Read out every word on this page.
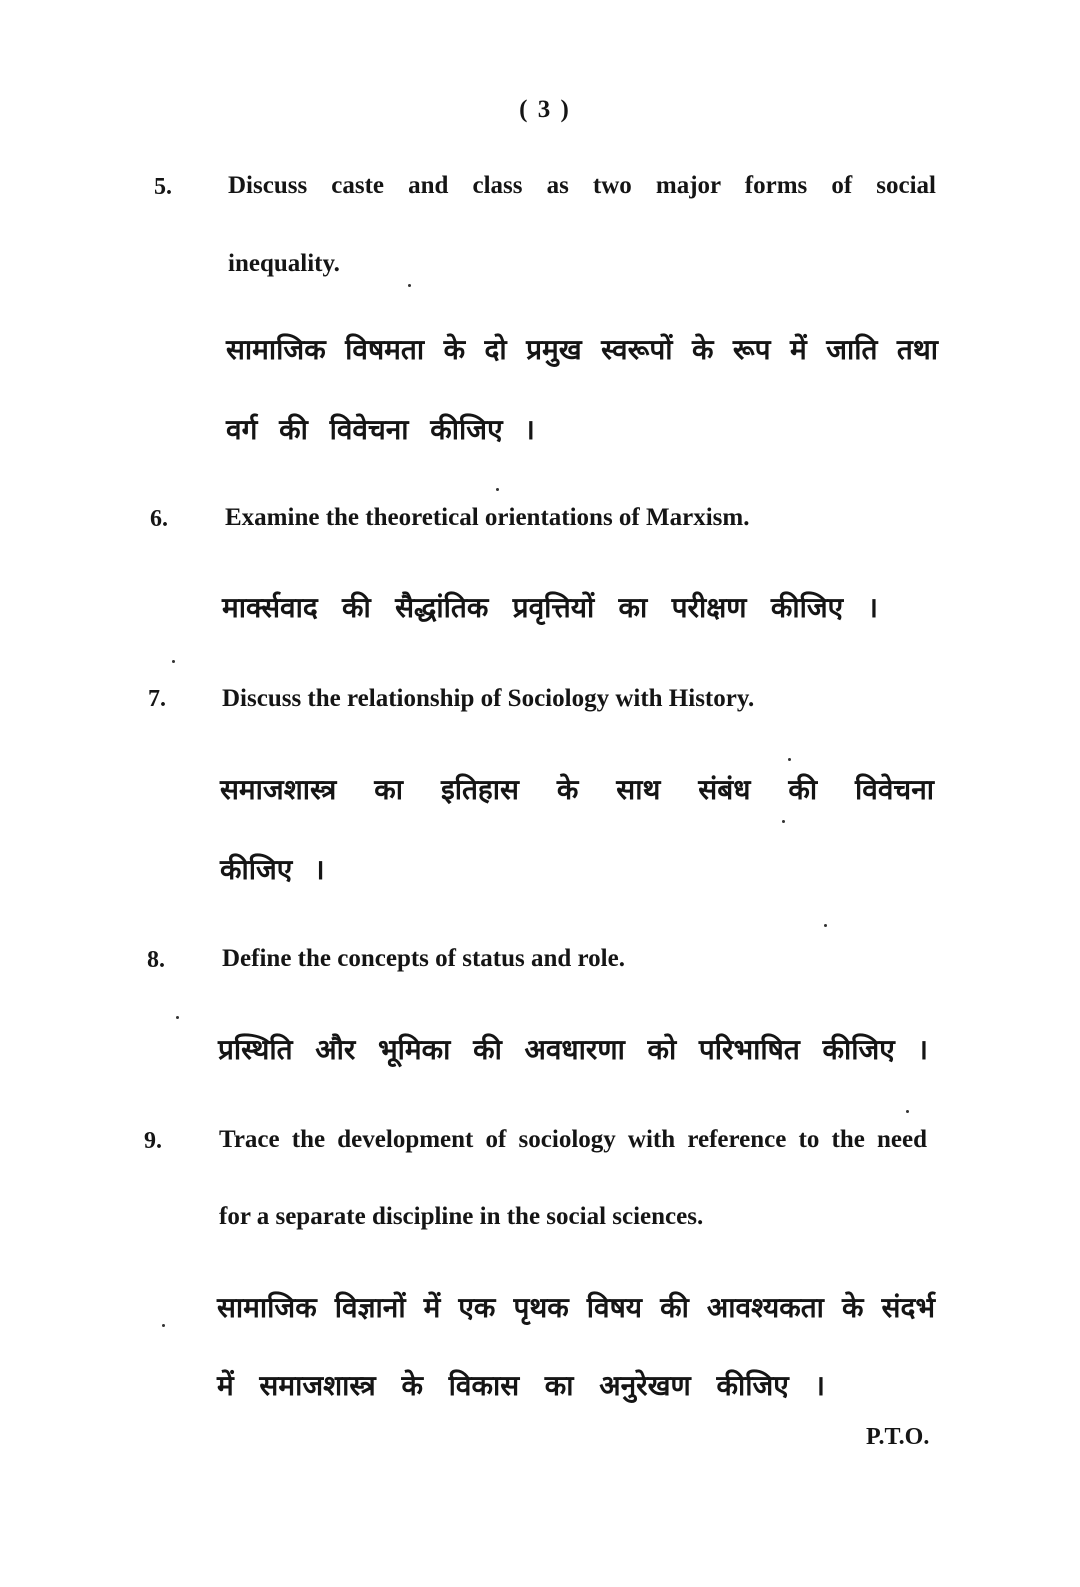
( 3 )
5. Discuss caste and class as two major forms of social
inequality.
सामाजिक विषमता के दो प्रमुख स्वरूपों के रूप में जाति तथा
वर्ग की विवेचना कीजिए ।
6. Examine the theoretical orientations of Marxism.
मार्क्सवाद की सैद्धांतिक प्रवृत्तियों का परीक्षण कीजिए ।
7. Discuss the relationship of Sociology with History.
समाजशास्त्र का इतिहास के साथ संबंध की विवेचना
कीजिए ।
8. Define the concepts of status and role.
प्रस्थिति और भूमिका की अवधारणा को परिभाषित कीजिए ।
9. Trace the development of sociology with reference to the need
for a separate discipline in the social sciences.
सामाजिक विज्ञानों में एक पृथक विषय की आवश्यकता के संदर्भ
में समाजशास्त्र के विकास का अनुरेखण कीजिए ।
P.T.O.
